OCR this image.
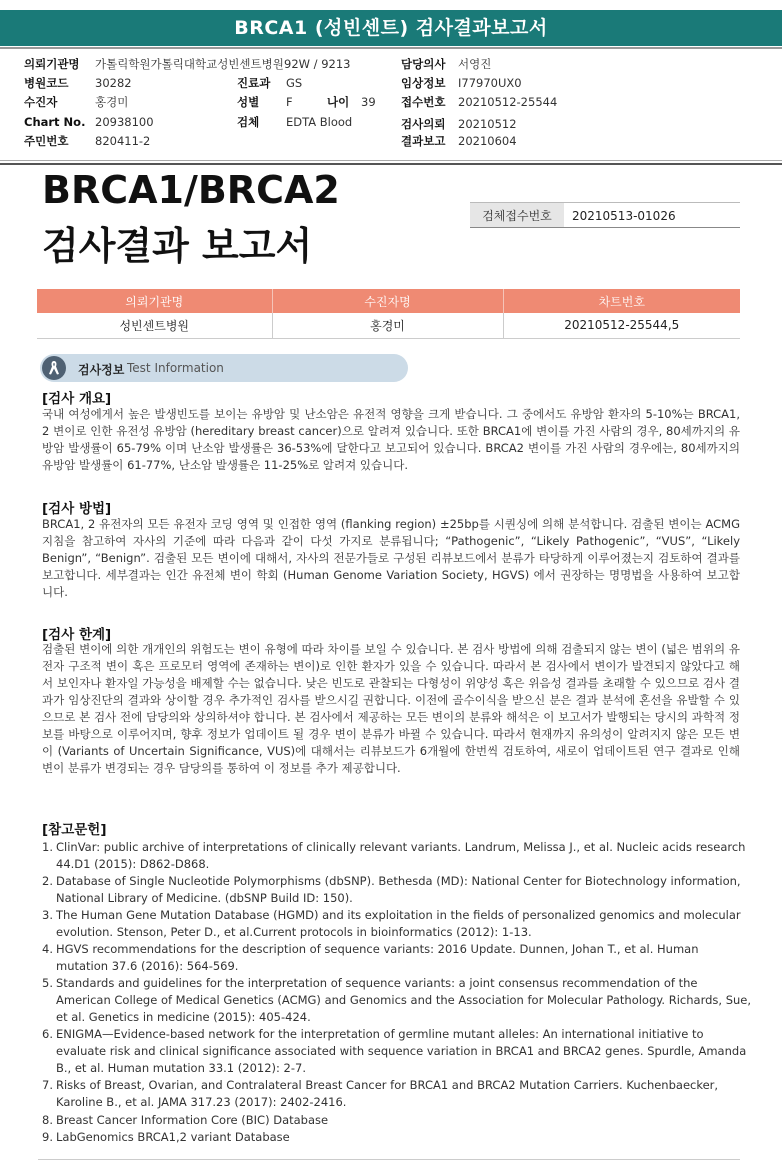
BRCA1 (성빈센트) 검사결과보고서
의뢰기관명 가톨릭학원가톨릭대학교성빈센트병원 92W / 9213
병원코드 30282
수진자	홍경미
Chart No. 20938100
주민번호 820411-2
진료과 GS
성별 F	나이 39
검체 EDTA Blood
담당의사 서영진
임상정보 I77970UX0
접수번호 20210512-25544
검사의뢰 20210512
결과보고 20210604
BRCA1/BRCA2
검사결과 보고서
검체접수번호	20210513-01026
의뢰기관명	수진자명	차트번호
성빈센트병원	홍경미	20210512-25544,5
검사정보 Test Information
[검사 개요]
국내 여성에게서 높은 발생빈도를 보이는 유방암 및 난소암은 유전적 영향을 크게 받습니다. 그 중에서도 유방암 환자의 5-10%는 BRCA1, 2 변이로 인한 유전성 유방암 (hereditary breast cancer)으로 알려져 있습니다. 또한 BRCA1에 변이를 가진 사람의 경우, 80세까지의 유방암 발생률이 65-79% 이며 난소암 발생률은 36-53%에 달한다고 보고되어 있습니다. BRCA2 변이를 가진 사람의 경우에는, 80세까지의 유방암 발생률이 61-77%, 난소암 발생률은 11-25%로 알려져 있습니다.
[검사 방법]
BRCA1, 2 유전자의 모든 유전자 코딩 영역 및 인접한 영역 (flanking region) ±25bp를 시퀀싱에 의해 분석합니다. 검출된 변이는 ACMG 지침을 참고하여 자사의 기준에 따라 다음과 같이 다섯 가지로 분류됩니다; “Pathogenic”, “Likely Pathogenic”, “VUS”, “Likely Benign”, “Benign”. 검출된 모든 변이에 대해서, 자사의 전문가들로 구성된 리뷰보드에서 분류가 타당하게 이루어졌는지 검토하여 결과를 보고합니다. 세부결과는 인간 유전체 변이 학회 (Human Genome Variation Society, HGVS) 에서 권장하는 명명법을 사용하여 보고합니다.
[검사 한계]
검출된 변이에 의한 개개인의 위험도는 변이 유형에 따라 차이를 보일 수 있습니다. 본 검사 방법에 의해 검출되지 않는 변이 (넓은 범위의 유전자 구조적 변이 혹은 프로모터 영역에 존재하는 변이)로 인한 환자가 있을 수 있습니다. 따라서 본 검사에서 변이가 발견되지 않았다고 해서 보인자나 환자일 가능성을 배제할 수는 없습니다. 낮은 빈도로 관찰되는 다형성이 위양성 혹은 위음성 결과를 초래할 수 있으므로 검사 결과가 임상진단의 결과와 상이할 경우 추가적인 검사를 받으시길 권합니다. 이전에 골수이식을 받으신 분은 결과 분석에 혼선을 유발할 수 있으므로 본 검사 전에 담당의와 상의하셔야 합니다. 본 검사에서 제공하는 모든 변이의 분류와 해석은 이 보고서가 발행되는 당시의 과학적 정보를 바탕으로 이루어지며, 향후 정보가 업데이트 될 경우 변이 분류가 바뀔 수 있습니다. 따라서 현재까지 유의성이 알려지지 않은 모든 변이 (Variants of Uncertain Significance, VUS)에 대해서는 리뷰보드가 6개월에 한번씩 검토하여, 새로이 업데이트된 연구 결과로 인해 변이 분류가 변경되는 경우 담당의를 통하여 이 정보를 추가 제공합니다.
[참고문헌]
1. ClinVar: public archive of interpretations of clinically relevant variants. Landrum, Melissa J., et al. Nucleic acids research 44.D1 (2015): D862-D868.
2. Database of Single Nucleotide Polymorphisms (dbSNP). Bethesda (MD): National Center for Biotechnology information, National Library of Medicine. (dbSNP Build ID: 150).
3. The Human Gene Mutation Database (HGMD) and its exploitation in the fields of personalized genomics and molecular evolution. Stenson, Peter D., et al.Current protocols in bioinformatics (2012): 1-13.
4. HGVS recommendations for the description of sequence variants: 2016 Update. Dunnen, Johan T., et al. Human mutation 37.6 (2016): 564-569.
5. Standards and guidelines for the interpretation of sequence variants: a joint consensus recommendation of the American College of Medical Genetics (ACMG) and Genomics and the Association for Molecular Pathology. Richards, Sue, et al. Genetics in medicine (2015): 405-424.
6. ENIGMA—Evidence‐based network for the interpretation of germline mutant alleles: An international initiative to evaluate risk and clinical significance associated with sequence variation in BRCA1 and BRCA2 genes. Spurdle, Amanda B., et al. Human mutation 33.1 (2012): 2-7.
7. Risks of Breast, Ovarian, and Contralateral Breast Cancer for BRCA1 and BRCA2 Mutation Carriers. Kuchenbaecker, Karoline B., et al. JAMA 317.23 (2017): 2402-2416.
8. Breast Cancer Information Core (BIC) Database
9. LabGenomics BRCA1,2 variant Database
